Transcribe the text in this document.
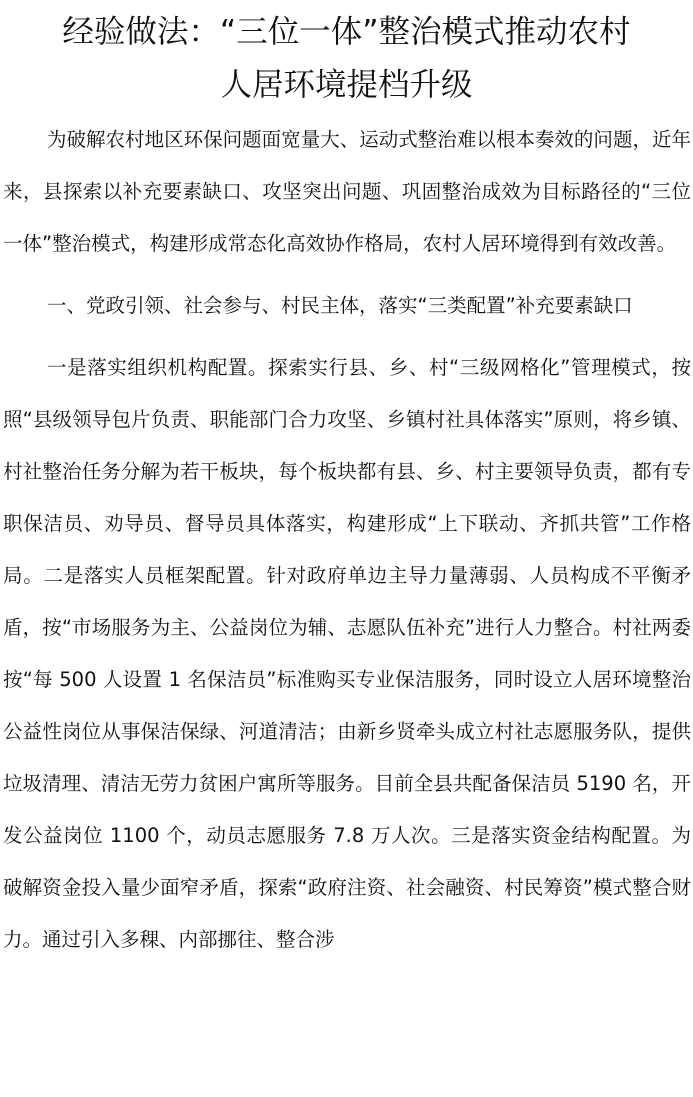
经验做法：“三位一体”整治模式推动农村
人居环境提档升级

为破解农村地区环保问题面宽量大、运动式整治难以根本奏效的问题，近年来，县探索以补充要素缺口、攻坚突出问题、巩固整治成效为目标路径的“三位一体”整治模式，构建形成常态化高效协作格局，农村人居环境得到有效改善。

一、党政引领、社会参与、村民主体，落实“三类配置”补充要素缺口

一是落实组织机构配置。探索实行县、乡、村“三级网格化”管理模式，按照“县级领导包片负责、职能部门合力攻坚、乡镇村社具体落实”原则，将乡镇、村社整治任务分解为若干板块，每个板块都有县、乡、村主要领导负责，都有专职保洁员、劝导员、督导员具体落实，构建形成“上下联动、齐抓共管”工作格局。二是落实人员框架配置。针对政府单边主导力量薄弱、人员构成不平衡矛盾，按“市场服务为主、公益岗位为辅、志愿队伍补充”进行人力整合。村社两委按“每 500 人设置 1 名保洁员”标准购买专业保洁服务，同时设立人居环境整治公益性岗位从事保洁保绿、河道清洁；由新乡贤牵头成立村社志愿服务队，提供垃圾清理、清洁无劳力贫困户寓所等服务。目前全县共配备保洁员 5190 名，开发公益岗位 1100 个，动员志愿服务 7.8 万人次。三是落实资金结构配置。为破解资金投入量少面窄矛盾，探索“政府注资、社会融资、村民筹资”模式整合财力。通过引入多稞、内部挪往、整合涉
